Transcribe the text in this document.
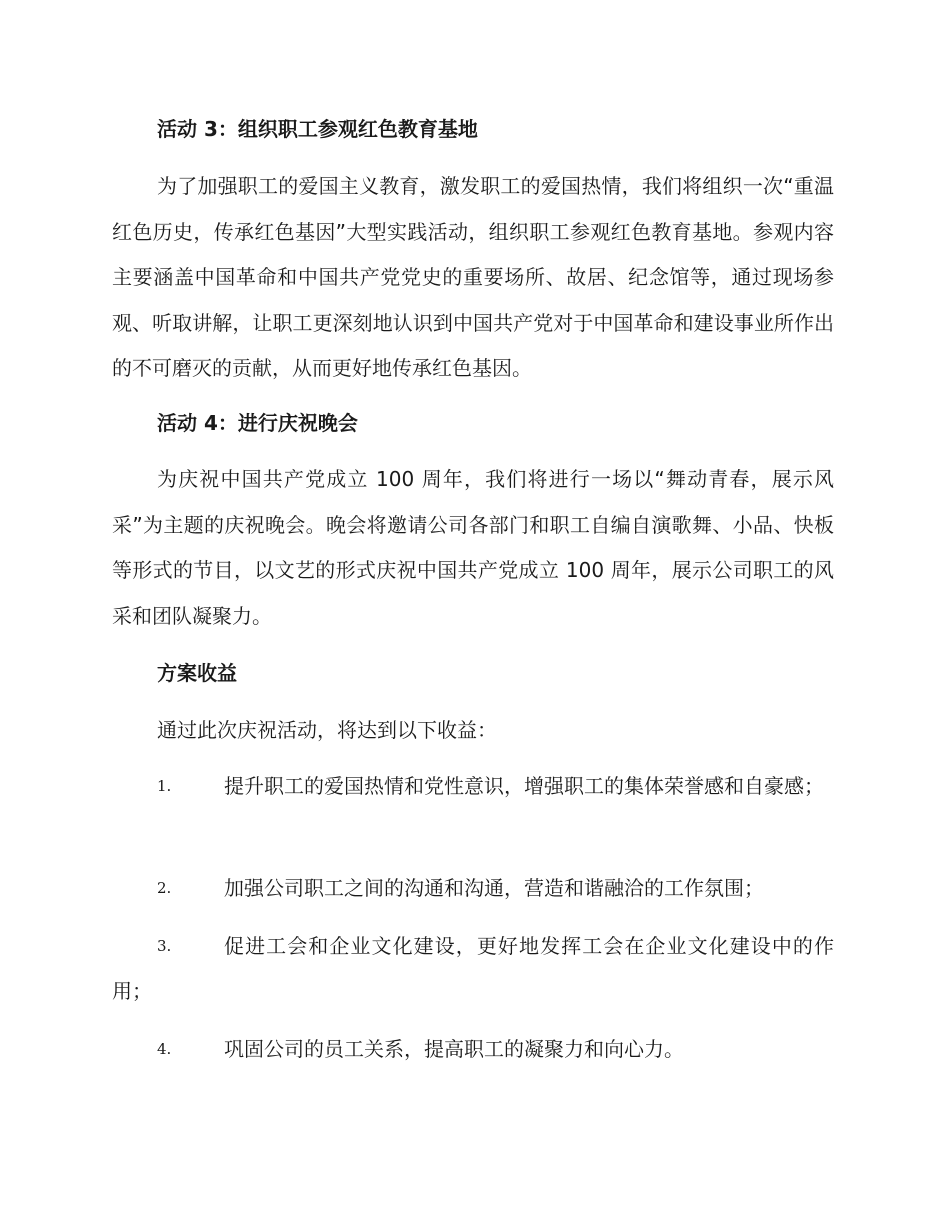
活动 3：组织职工参观红色教育基地
为了加强职工的爱国主义教育，激发职工的爱国热情，我们将组织一次“重温红色历史，传承红色基因”大型实践活动，组织职工参观红色教育基地。参观内容主要涵盖中国革命和中国共产党党史的重要场所、故居、纪念馆等，通过现场参观、听取讲解，让职工更深刻地认识到中国共产党对于中国革命和建设事业所作出的不可磨灭的贡献，从而更好地传承红色基因。
活动 4：进行庆祝晚会
为庆祝中国共产党成立 100 周年，我们将进行一场以“舞动青春，展示风采”为主题的庆祝晚会。晚会将邀请公司各部门和职工自编自演歌舞、小品、快板等形式的节目，以文艺的形式庆祝中国共产党成立 100 周年，展示公司职工的风采和团队凝聚力。
方案收益
通过此次庆祝活动，将达到以下收益：
1.	提升职工的爱国热情和党性意识，增强职工的集体荣誉感和自豪感；
2.	加强公司职工之间的沟通和沟通，营造和谐融洽的工作氛围；
3.	促进工会和企业文化建设，更好地发挥工会在企业文化建设中的作用；
4.	巩固公司的员工关系，提高职工的凝聚力和向心力。
